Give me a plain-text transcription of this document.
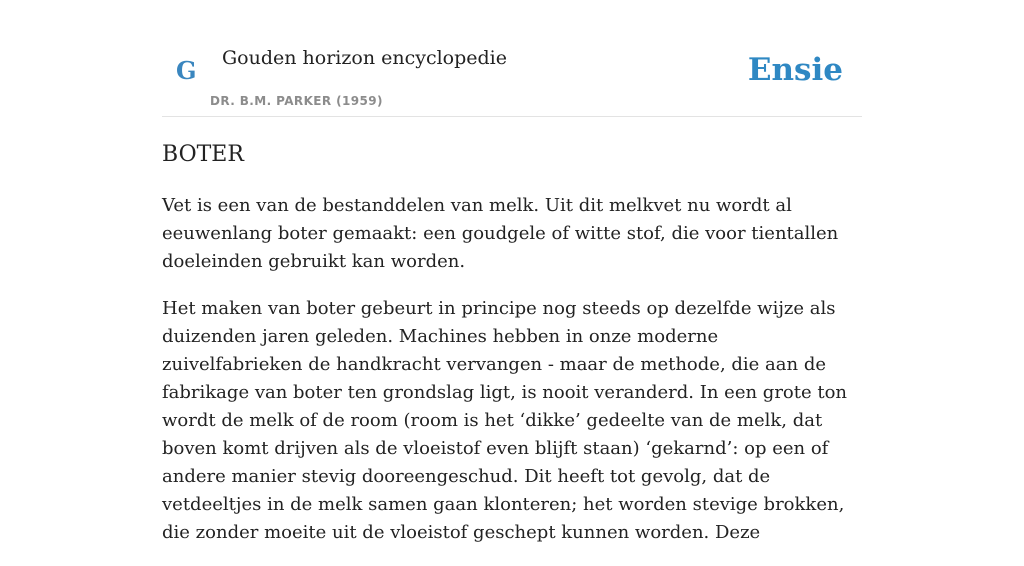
G Gouden horizon encyclopedie
DR. B.M. PARKER (1959)
Ensie
BOTER

Vet is een van de bestanddelen van melk. Uit dit melkvet nu wordt al eeuwenlang boter gemaakt: een goudgele of witte stof, die voor tientallen doeleinden gebruikt kan worden.

Het maken van boter gebeurt in principe nog steeds op dezelfde wijze als duizenden jaren geleden. Machines hebben in onze moderne zuivelfabrieken de handkracht vervangen - maar de methode, die aan de fabrikage van boter ten grondslag ligt, is nooit veranderd. In een grote ton wordt de melk of de room (room is het ‘dikke’ gedeelte van de melk, dat boven komt drijven als de vloeistof even blijft staan) ‘gekarnd’: op een of andere manier stevig dooreengeschud. Dit heeft tot gevolg, dat de vetdeeltjes in de melk samen gaan klonteren; het worden stevige brokken, die zonder moeite uit de vloeistof geschept kunnen worden. Deze
